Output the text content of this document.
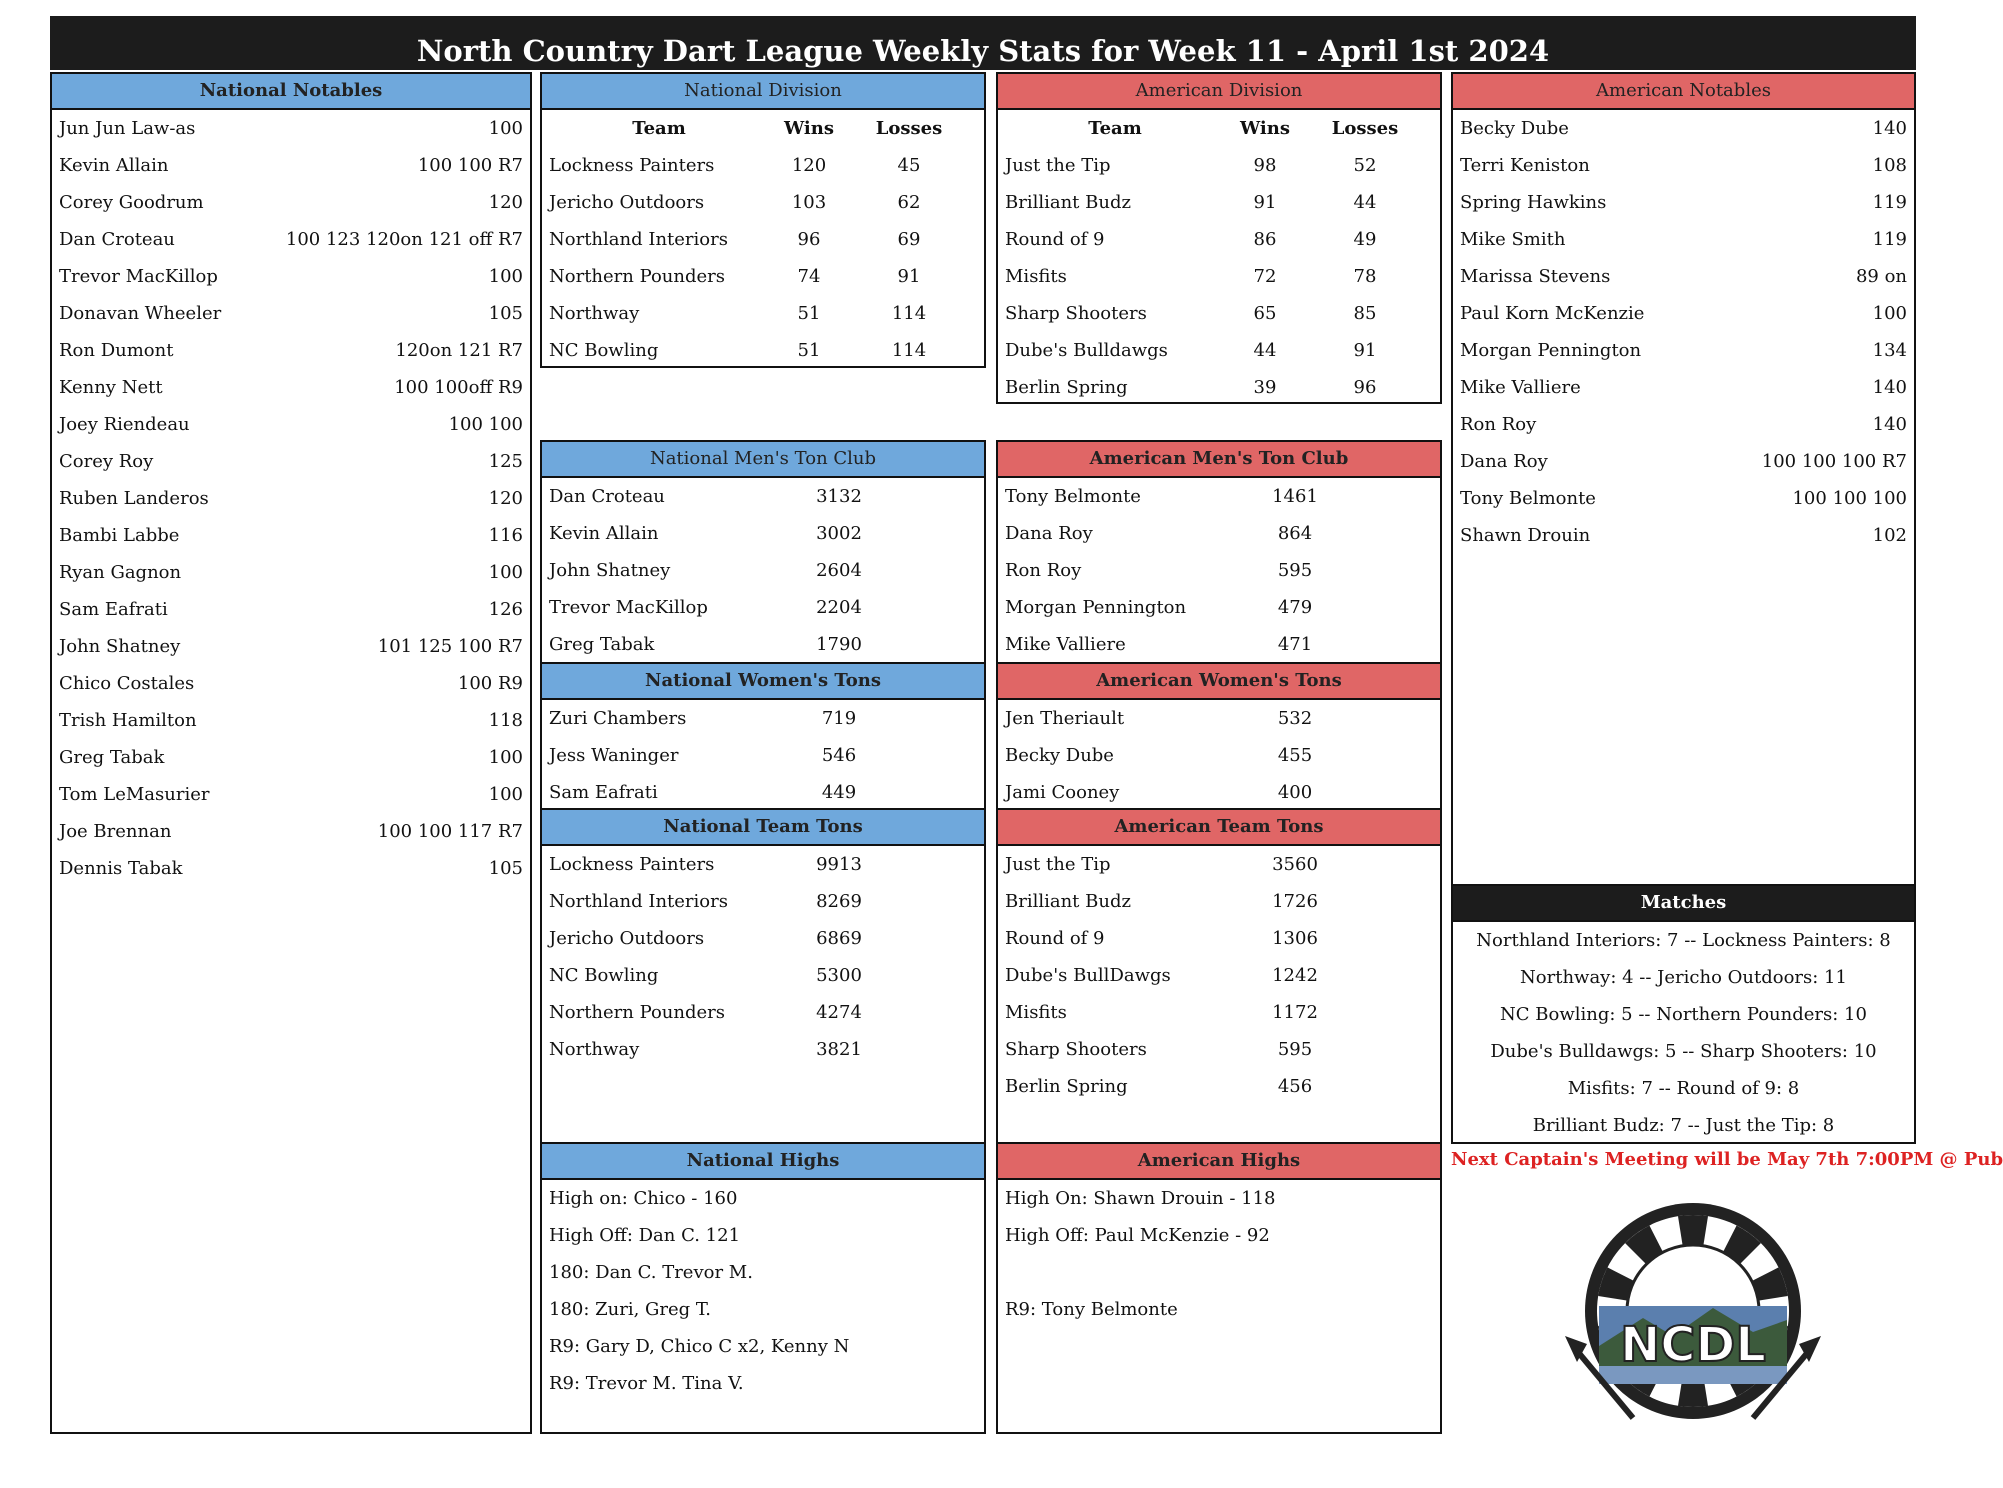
North Country Dart League Weekly Stats for Week 11 - April 1st 2024
National Notables
Jun Jun Law-as	100
Kevin Allain	100 100 R7
Corey Goodrum	120
Dan Croteau	100 123 120on 121 off R7
Trevor MacKillop	100
Donavan Wheeler	105
Ron Dumont	120on 121 R7
Kenny Nett	100 100off R9
Joey Riendeau	100 100
Corey Roy	125
Ruben Landeros	120
Bambi Labbe	116
Ryan Gagnon	100
Sam Eafrati	126
John Shatney	101 125 100 R7
Chico Costales	100 R9
Trish Hamilton	118
Greg Tabak	100
Tom LeMasurier	100
Joe Brennan	100 100 117 R7
Dennis Tabak	105
National Division
Team	Wins	Losses
Lockness Painters	120	45
Jericho Outdoors	103	62
Northland Interiors	96	69
Northern Pounders	74	91
Northway	51	114
NC Bowling	51	114
American Division
Team	Wins	Losses
Just the Tip	98	52
Brilliant Budz	91	44
Round of 9	86	49
Misfits	72	78
Sharp Shooters	65	85
Dube's Bulldawgs	44	91
Berlin Spring	39	96
American Notables
Becky Dube	140
Terri Keniston	108
Spring Hawkins	119
Mike Smith	119
Marissa Stevens	89 on
Paul Korn McKenzie	100
Morgan Pennington	134
Mike Valliere	140
Ron Roy	140
Dana Roy	100 100 100 R7
Tony Belmonte	100 100 100
Shawn Drouin	102
National Men's Ton Club
Dan Croteau	3132
Kevin Allain	3002
John Shatney	2604
Trevor MacKillop	2204
Greg Tabak	1790
National Women's Tons
Zuri Chambers	719
Jess Waninger	546
Sam Eafrati	449
National Team Tons
Lockness Painters	9913
Northland Interiors	8269
Jericho Outdoors	6869
NC Bowling	5300
Northern Pounders	4274
Northway	3821
American Men's Ton Club
Tony Belmonte	1461
Dana Roy	864
Ron Roy	595
Morgan Pennington	479
Mike Valliere	471
American Women's Tons
Jen Theriault	532
Becky Dube	455
Jami Cooney	400
American Team Tons
Just the Tip	3560
Brilliant Budz	1726
Round of 9	1306
Dube's BullDawgs	1242
Misfits	1172
Sharp Shooters	595
Berlin Spring	456
Matches
Northland Interiors: 7 -- Lockness Painters: 8
Northway: 4 -- Jericho Outdoors: 11
NC Bowling: 5 -- Northern Pounders: 10
Dube's Bulldawgs: 5 -- Sharp Shooters: 10
Misfits: 7 -- Round of 9: 8
Brilliant Budz: 7 -- Just the Tip: 8
National Highs
High on: Chico - 160
High Off: Dan C. 121
180: Dan C. Trevor M.
180: Zuri, Greg T.
R9: Gary D, Chico C x2, Kenny N
R9: Trevor M. Tina V.
American Highs
High On: Shawn Drouin - 118
High Off: Paul McKenzie - 92
R9: Tony Belmonte
Next Captain's Meeting will be May 7th 7:00PM @ Pub
NCDL
